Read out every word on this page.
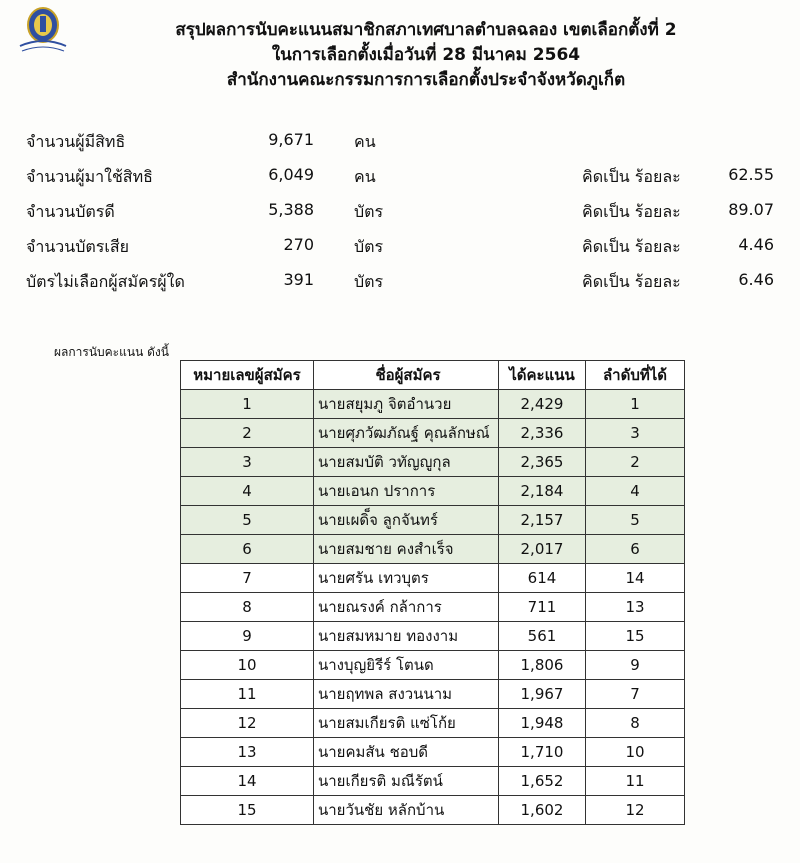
สรุปผลการนับคะแนนสมาชิกสภาเทศบาลตำบลฉลอง เขตเลือกตั้งที่ 2
ในการเลือกตั้งเมื่อวันที่ 28 มีนาคม 2564
สำนักงานคณะกรรมการการเลือกตั้งประจำจังหวัดภูเก็ต
จำนวนผู้มีสิทธิ	9,671	คน
จำนวนผู้มาใช้สิทธิ	6,049	คน	คิดเป็น ร้อยละ	62.55
จำนวนบัตรดี	5,388	บัตร	คิดเป็น ร้อยละ	89.07
จำนวนบัตรเสีย	270	บัตร	คิดเป็น ร้อยละ	4.46
บัตรไม่เลือกผู้สมัครผู้ใด	391	บัตร	คิดเป็น ร้อยละ	6.46
ผลการนับคะแนน ดังนี้
หมายเลขผู้สมัคร	ชื่อผู้สมัคร	ได้คะแนน	ลำดับที่ได้
1	นายสยุมภู จิตอำนวย	2,429	1
2	นายศุภวัฒภัณฐ์ คุณลักษณ์	2,336	3
3	นายสมบัติ วทัญญูกุล	2,365	2
4	นายเอนก ปราการ	2,184	4
5	นายเผดิ็จ ลูกจันทร์	2,157	5
6	นายสมชาย คงสำเร็จ	2,017	6
7	นายศรัน เทวบุตร	614	14
8	นายณรงค์ กล้าการ	711	13
9	นายสมหมาย ทองงาม	561	15
10	นางบุญยิรีร์ โตนด	1,806	9
11	นายฤทพล สงวนนาม	1,967	7
12	นายสมเกียรติ แซ่โก้ย	1,948	8
13	นายคมสัน ชอบดี	1,710	10
14	นายเกียรติ มณีรัตน์	1,652	11
15	นายวันชัย หลักบ้าน	1,602	12
